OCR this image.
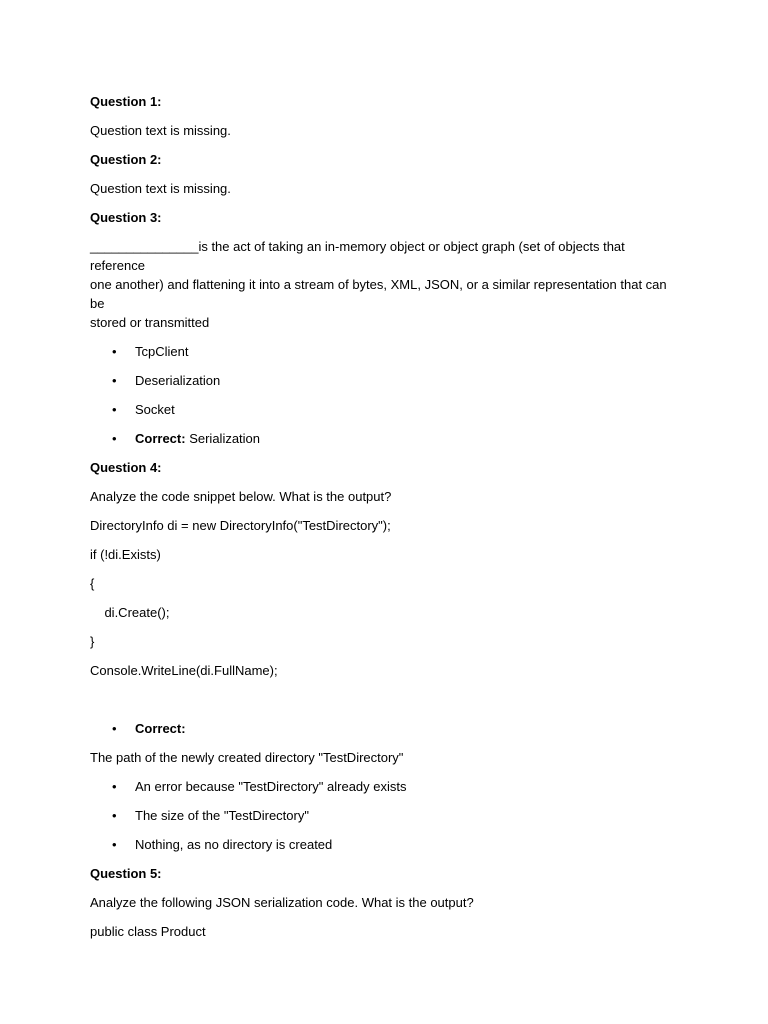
Question 1:

Question text is missing.

Question 2:

Question text is missing.

Question 3:

_______________is the act of taking an in-memory object or object graph (set of objects that reference
one another) and flattening it into a stream of bytes, XML, JSON, or a similar representation that can be
stored or transmitted
• TcpClient
• Deserialization
• Socket
• Correct: Serialization

Question 4:

Analyze the code snippet below. What is the output?

DirectoryInfo di = new DirectoryInfo("TestDirectory");
if (!di.Exists)
{
di.Create();
}
Console.WriteLine(di.FullName);
• Correct:

The path of the newly created directory "TestDirectory"

• An error because "TestDirectory" already exists
• The size of the "TestDirectory"
• Nothing, as no directory is created

Question 5:

Analyze the following JSON serialization code. What is the output?

public class Product
